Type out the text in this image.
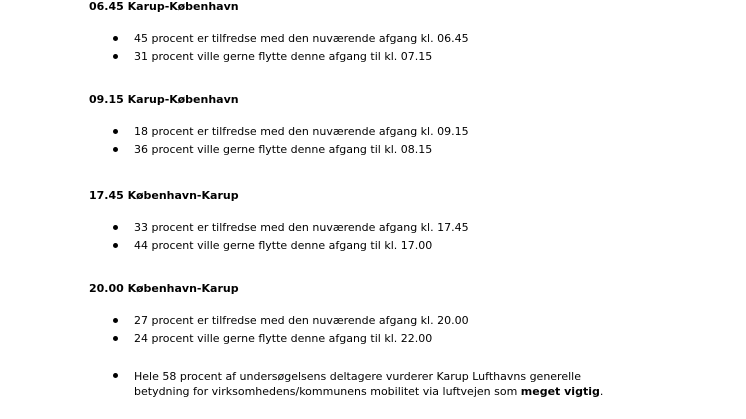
06.45 Karup-København
45 procent er tilfredse med den nuværende afgang kl. 06.45
31 procent ville gerne flytte denne afgang til kl. 07.15
09.15 Karup-København
18 procent er tilfredse med den nuværende afgang kl. 09.15
36 procent ville gerne flytte denne afgang til kl. 08.15
17.45 København-Karup
33 procent er tilfredse med den nuværende afgang kl. 17.45
44 procent ville gerne flytte denne afgang til kl. 17.00
20.00 København-Karup
27 procent er tilfredse med den nuværende afgang kl. 20.00
24 procent ville gerne flytte denne afgang til kl. 22.00
Hele 58 procent af undersøgelsens deltagere vurderer Karup Lufthavns generelle betydning for virksomhedens/kommunens mobilitet via luftvejen som meget vigtig.
